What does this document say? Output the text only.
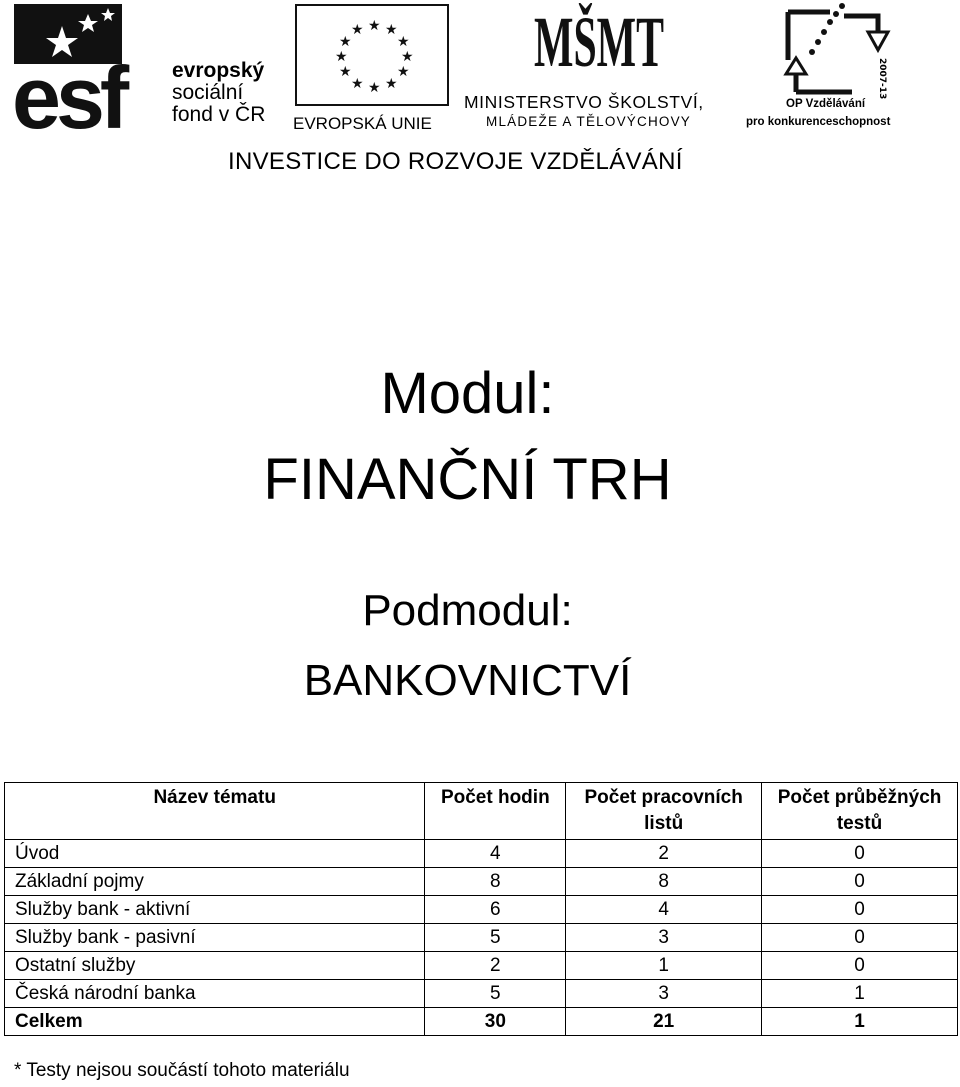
esf evropský
sociální
fond v ČR
★ ★
★
★
★
★
★
★
★
★
★
★
EVROPSKÁ UNIE
MŠMT
MINISTERSTVO ŠKOLSTVÍ,
MLÁDEŽE A TĚLOVÝCHOVY
2007-13
OP Vzdělávání
pro konkurenceschopnost
INVESTICE DO ROZVOJE VZDĚLÁVÁNÍ
Modul:
FINANČNÍ TRH
Podmodul:
BANKOVNICTVÍ
Název tématu	Počet hodin	Počet pracovních listů	Počet průběžných testů
Úvod	4	2	0
Základní pojmy	8	8	0
Služby bank - aktivní	6	4	0
Služby bank - pasivní	5	3	0
Ostatní služby	2	1	0
Česká národní banka	5	3	1
Celkem	30	21	1
* Testy nejsou součástí tohoto materiálu
